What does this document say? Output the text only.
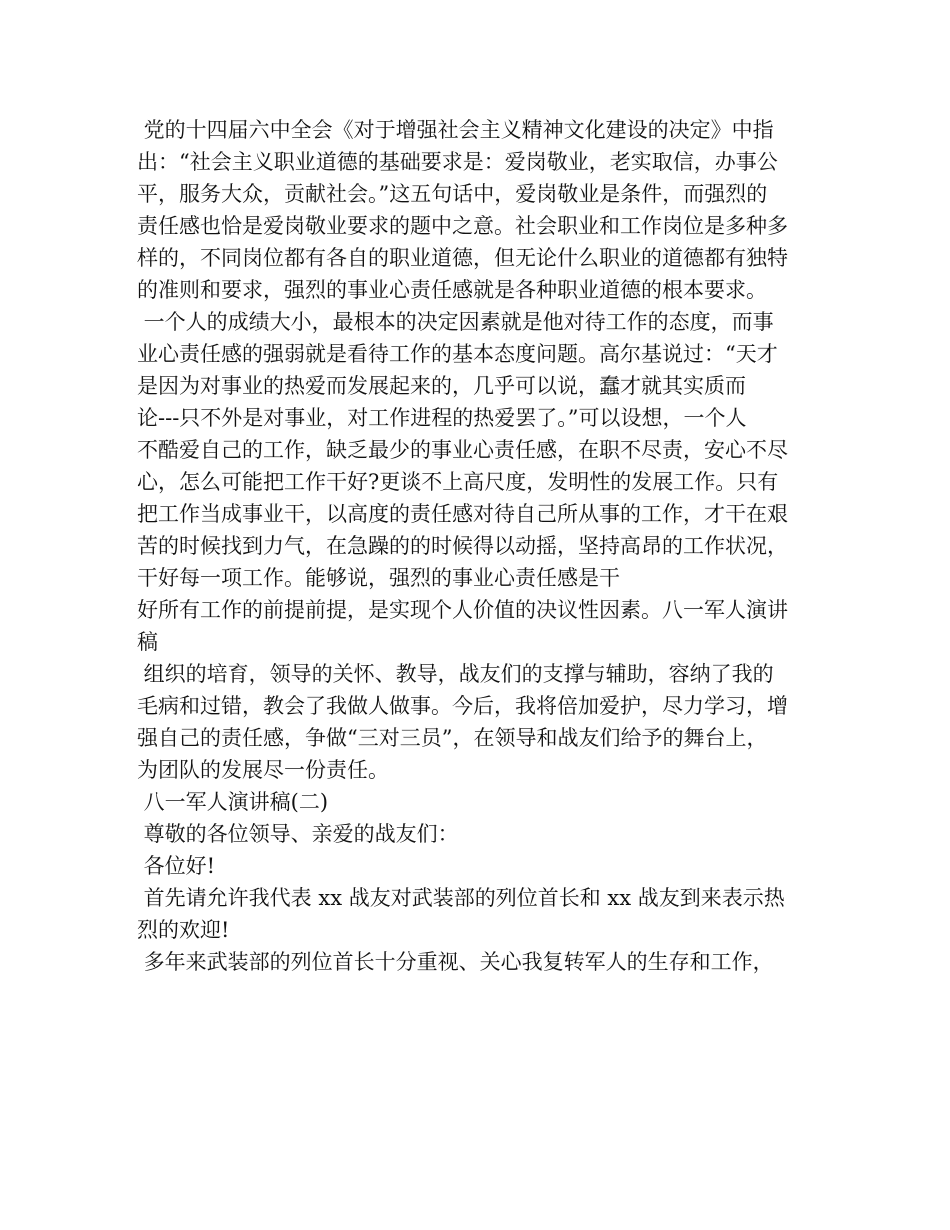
党的十四届六中全会《对于增强社会主义精神文化建设的决定》中指
出：“社会主义职业道德的基础要求是：爱岗敬业，老实取信，办事公
平，服务大众，贡献社会。”这五句话中，爱岗敬业是条件，而强烈的
责任感也恰是爱岗敬业要求的题中之意。社会职业和工作岗位是多种多
样的，不同岗位都有各自的职业道德，但无论什么职业的道德都有独特
的准则和要求，强烈的事业心责任感就是各种职业道德的根本要求。
一个人的成绩大小，最根本的决定因素就是他对待工作的态度，而事
业心责任感的强弱就是看待工作的基本态度问题。高尔基说过：“天才
是因为对事业的热爱而发展起来的，几乎可以说，蠢才就其实质而
论---只不外是对事业，对工作进程的热爱罢了。”可以设想，一个人
不酷爱自己的工作，缺乏最少的事业心责任感，在职不尽责，安心不尽
心，怎么可能把工作干好?更谈不上高尺度，发明性的发展工作。只有
把工作当成事业干，以高度的责任感对待自己所从事的工作，才干在艰
苦的时候找到力气，在急躁的的时候得以动摇，坚持高昂的工作状况，
干好每一项工作。能够说，强烈的事业心责任感是干
好所有工作的前提前提，是实现个人价值的决议性因素。八一军人演讲
稿
组织的培育，领导的关怀、教导，战友们的支撑与辅助，容纳了我的
毛病和过错，教会了我做人做事。今后，我将倍加爱护，尽力学习，增
强自己的责任感，争做“三对三员”，在领导和战友们给予的舞台上，
为团队的发展尽一份责任。
八一军人演讲稿(二)
尊敬的各位领导、亲爱的战友们：
各位好!
首先请允许我代表 xx 战友对武装部的列位首长和 xx 战友到来表示热
烈的欢迎!
多年来武装部的列位首长十分重视、关心我复转军人的生存和工作，
